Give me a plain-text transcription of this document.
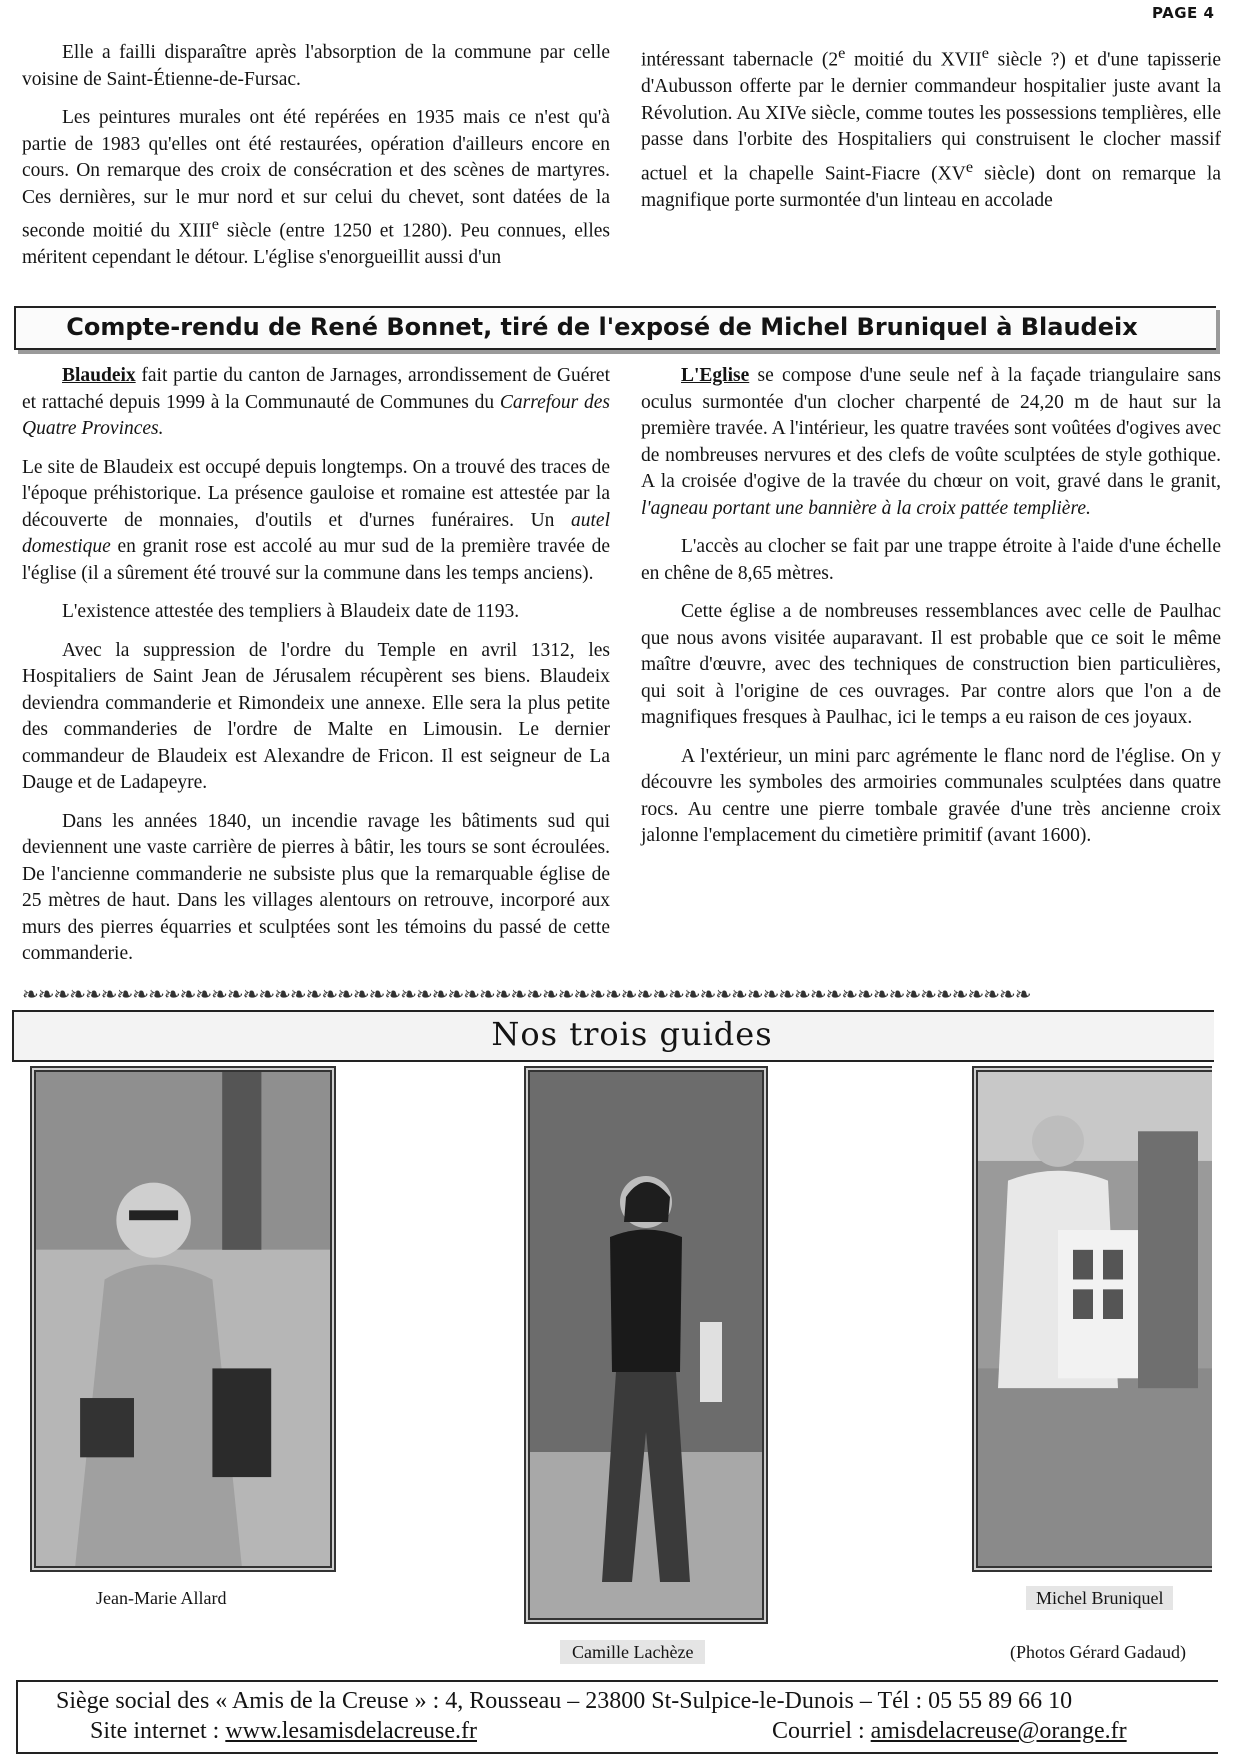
PAGE 4

Elle a failli disparaître après l'absorption de la commune par celle voisine de Saint-Étienne-de-Fursac.

Les peintures murales ont été repérées en 1935 mais ce n'est qu'à partie de 1983 qu'elles ont été restaurées, opération d'ailleurs encore en cours. On remarque des croix de consécration et des scènes de martyres. Ces dernières, sur le mur nord et sur celui du chevet, sont datées de la seconde moitié du XIIIe siècle (entre 1250 et 1280). Peu connues, elles méritent cependant le détour. L'église s'enorgueillit aussi d'un

intéressant tabernacle (2e moitié du XVIIe siècle ?) et d'une tapisserie d'Aubusson offerte par le dernier commandeur hospitalier juste avant la Révolution. Au XIVe siècle, comme toutes les possessions templières, elle passe dans l'orbite des Hospitaliers qui construisent le clocher massif actuel et la chapelle Saint-Fiacre (XVe siècle) dont on remarque la magnifique porte surmontée d'un linteau en accolade

Compte-rendu de René Bonnet, tiré de l'exposé de Michel Bruniquel à Blaudeix

Blaudeix fait partie du canton de Jarnages, arrondissement de Guéret et rattaché depuis 1999 à la Communauté de Communes du Carrefour des Quatre Provinces.

Le site de Blaudeix est occupé depuis longtemps. On a trouvé des traces de l'époque préhistorique. La présence gauloise et romaine est attestée par la découverte de monnaies, d'outils et d'urnes funéraires. Un autel domestique en granit rose est accolé au mur sud de la première travée de l'église (il a sûrement été trouvé sur la commune dans les temps anciens).

L'existence attestée des templiers à Blaudeix date de 1193.

Avec la suppression de l'ordre du Temple en avril 1312, les Hospitaliers de Saint Jean de Jérusalem récupèrent ses biens. Blaudeix deviendra commanderie et Rimondeix une annexe. Elle sera la plus petite des commanderies de l'ordre de Malte en Limousin. Le dernier commandeur de Blaudeix est Alexandre de Fricon. Il est seigneur de La Dauge et de Ladapeyre.

Dans les années 1840, un incendie ravage les bâtiments sud qui deviennent une vaste carrière de pierres à bâtir, les tours se sont écroulées. De l'ancienne commanderie ne subsiste plus que la remarquable église de 25 mètres de haut. Dans les villages alentours on retrouve, incorporé aux murs des pierres équarries et sculptées sont les témoins du passé de cette commanderie.

L'Eglise se compose d'une seule nef à la façade triangulaire sans oculus surmontée d'un clocher charpenté de 24,20 m de haut sur la première travée. A l'intérieur, les quatre travées sont voûtées d'ogives avec de nombreuses nervures et des clefs de voûte sculptées de style gothique. A la croisée d'ogive de la travée du chœur on voit, gravé dans le granit, l'agneau portant une bannière à la croix pattée templière.

L'accès au clocher se fait par une trappe étroite à l'aide d'une échelle en chêne de 8,65 mètres.

Cette église a de nombreuses ressemblances avec celle de Paulhac que nous avons visitée auparavant. Il est probable que ce soit le même maître d'œuvre, avec des techniques de construction bien particulières, qui soit à l'origine de ces ouvrages. Par contre alors que l'on a de magnifiques fresques à Paulhac, ici le temps a eu raison de ces joyaux.

A l'extérieur, un mini parc agrémente le flanc nord de l'église. On y découvre les symboles des armoiries communales sculptées dans quatre rocs. Au centre une pierre tombale gravée d'une très ancienne croix jalonne l'emplacement du cimetière primitif (avant 1600).

❧❧❧❧❧❧❧❧❧❧❧❧❧❧❧❧❧❧❧❧❧❧❧❧❧❧❧❧❧❧❧❧❧❧❧❧❧❧❧❧❧❧❧❧❧❧❧❧❧❧❧❧❧❧❧❧❧❧❧❧❧❧❧❧
Nos trois guides
Jean-Marie Allard
Camille Lachèze
Michel Bruniquel
(Photos Gérard Gadaud)
Siège social des « Amis de la Creuse » : 4, Rousseau – 23800 St-Sulpice-le-Dunois – Tél : 05 55 89 66 10
Site internet : www.lesamisdelacreuse.fr	Courriel : amisdelacreuse@orange.fr
